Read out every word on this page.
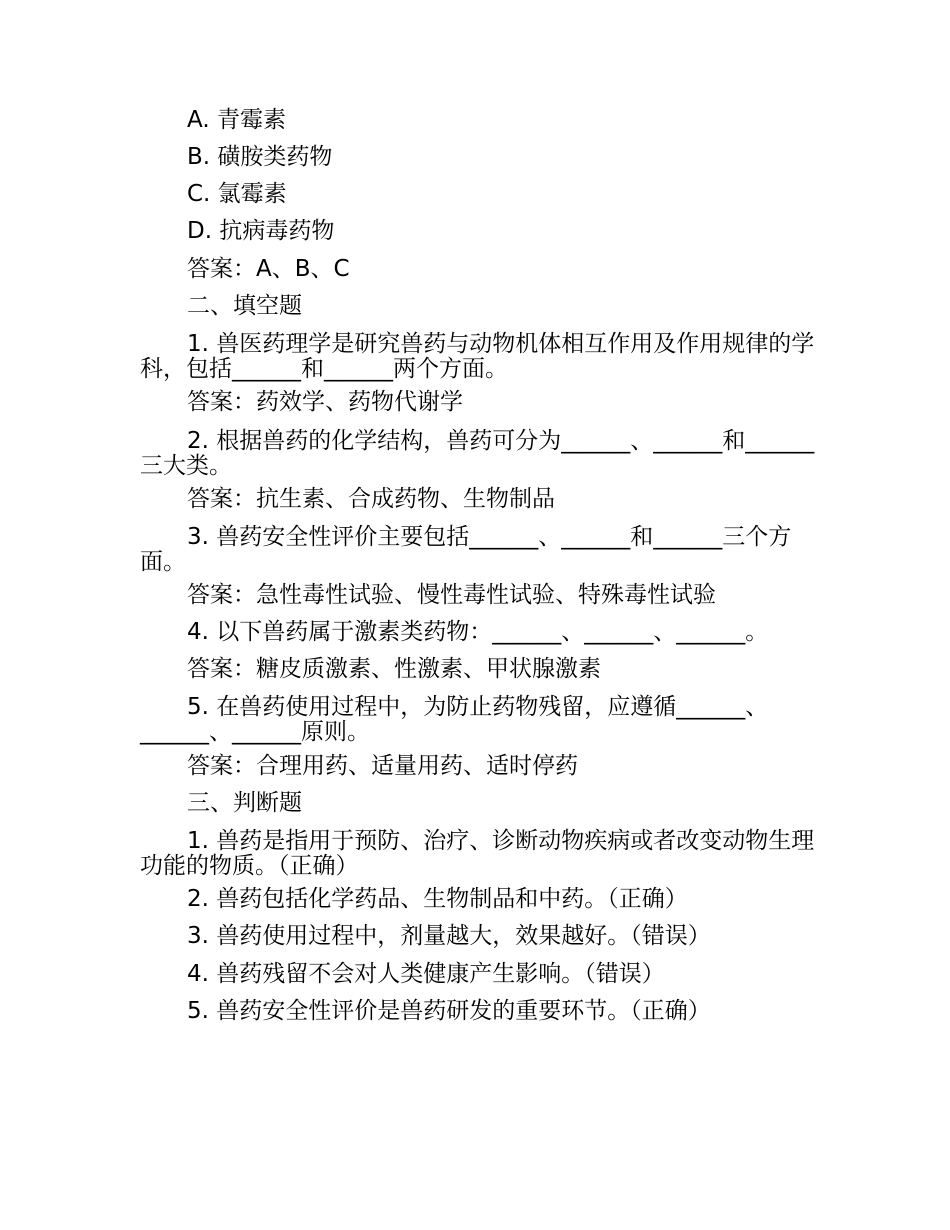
A. 青霉素
B. 磺胺类药物
C. 氯霉素
D. 抗病毒药物
答案：A、B、C
二、填空题
1. 兽医药理学是研究兽药与动物机体相互作用及作用规律的学科，包括______和______两个方面。
答案：药效学、药物代谢学
2. 根据兽药的化学结构，兽药可分为______、______和______三大类。
答案：抗生素、合成药物、生物制品
3. 兽药安全性评价主要包括______、______和______三个方面。
答案：急性毒性试验、慢性毒性试验、特殊毒性试验
4. 以下兽药属于激素类药物：______、______、______。
答案：糖皮质激素、性激素、甲状腺激素
5. 在兽药使用过程中，为防止药物残留，应遵循______、______、______原则。
答案：合理用药、适量用药、适时停药
三、判断题
1. 兽药是指用于预防、治疗、诊断动物疾病或者改变动物生理功能的物质。（正确）
2. 兽药包括化学药品、生物制品和中药。（正确）
3. 兽药使用过程中，剂量越大，效果越好。（错误）
4. 兽药残留不会对人类健康产生影响。（错误）
5. 兽药安全性评价是兽药研发的重要环节。（正确）
